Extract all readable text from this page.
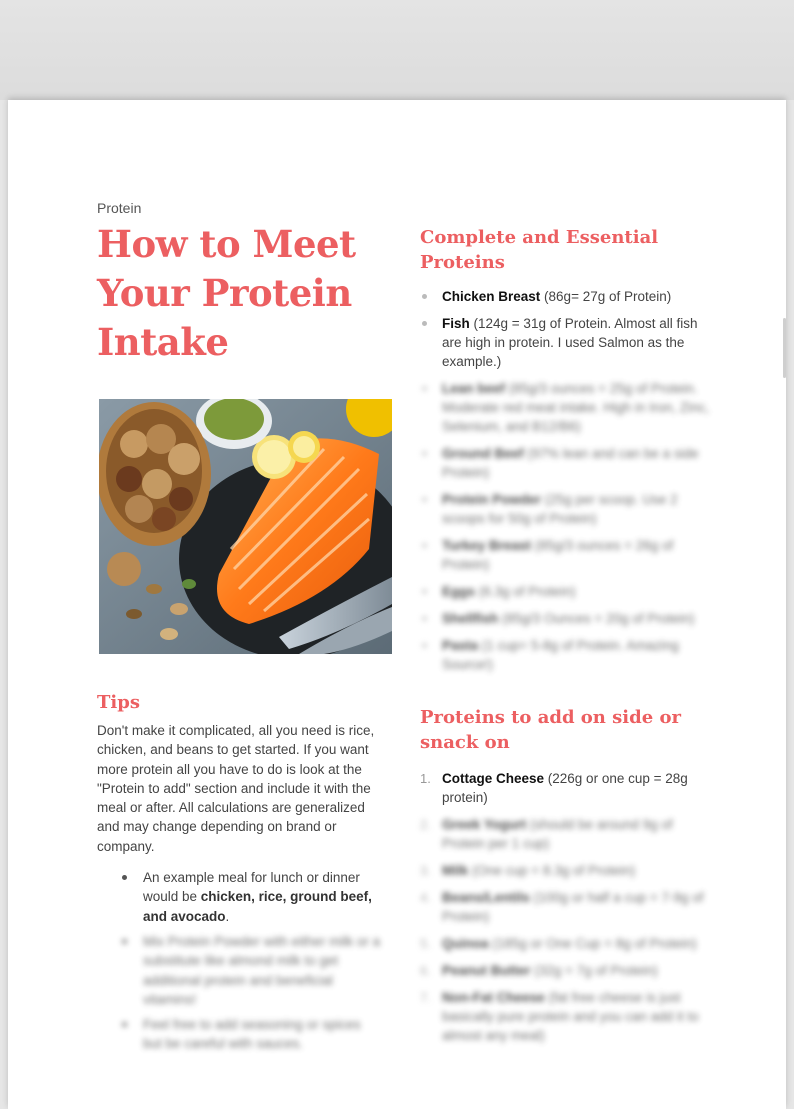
Protein

How to Meet Your Protein Intake
Complete and Essential Proteins
Chicken Breast (86g= 27g of Protein)
Fish (124g = 31g of Protein. Almost all fish are high in protein. I used Salmon as the example.)
Lean beef (85g/3 ounces = 25g of Protein. Moderate red meat intake. High in Iron, Zinc, Selenium, and B12/B6)
Ground Beef (97% lean and can be a side Protein)
Protein Powder (25g per scoop. Use 2 scoops for 50g of Protein)
Turkey Breast (85g/3 ounces = 26g of Protein)
Eggs (6.3g of Protein)
Shellfish (85g/3 Ounces = 20g of Protein)
Pasta (1 cup= 5-8g of Protein. Amazing Source!)
Tips

Don't make it complicated, all you need is rice, chicken, and beans to get started. If you want more protein all you have to do is look at the "Protein to add" section and include it with the meal or after. All calculations are generalized and may change depending on brand or company.

An example meal for lunch or dinner would be chicken, rice, ground beef, and avocado.
Mix Protein Powder with either milk or a substitute like almond milk to get additional protein and beneficial vitamins!
Feel free to add seasoning or spices but be careful with sauces.
Proteins to add on side or snack on
1. Cottage Cheese (226g or one cup = 28g protein)
2. Greek Yogurt (should be around 9g of Protein per 1 cup)
3. Milk (One cup = 8.3g of Protein)
4. Beans/Lentils (100g or half a cup = 7-9g of Protein)
5. Quinoa (185g or One Cup = 8g of Protein)
6. Peanut Butter (32g = 7g of Protein)
7. Non-Fat Cheese (fat free cheese is just basically pure protein and you can add it to almost any meal)
